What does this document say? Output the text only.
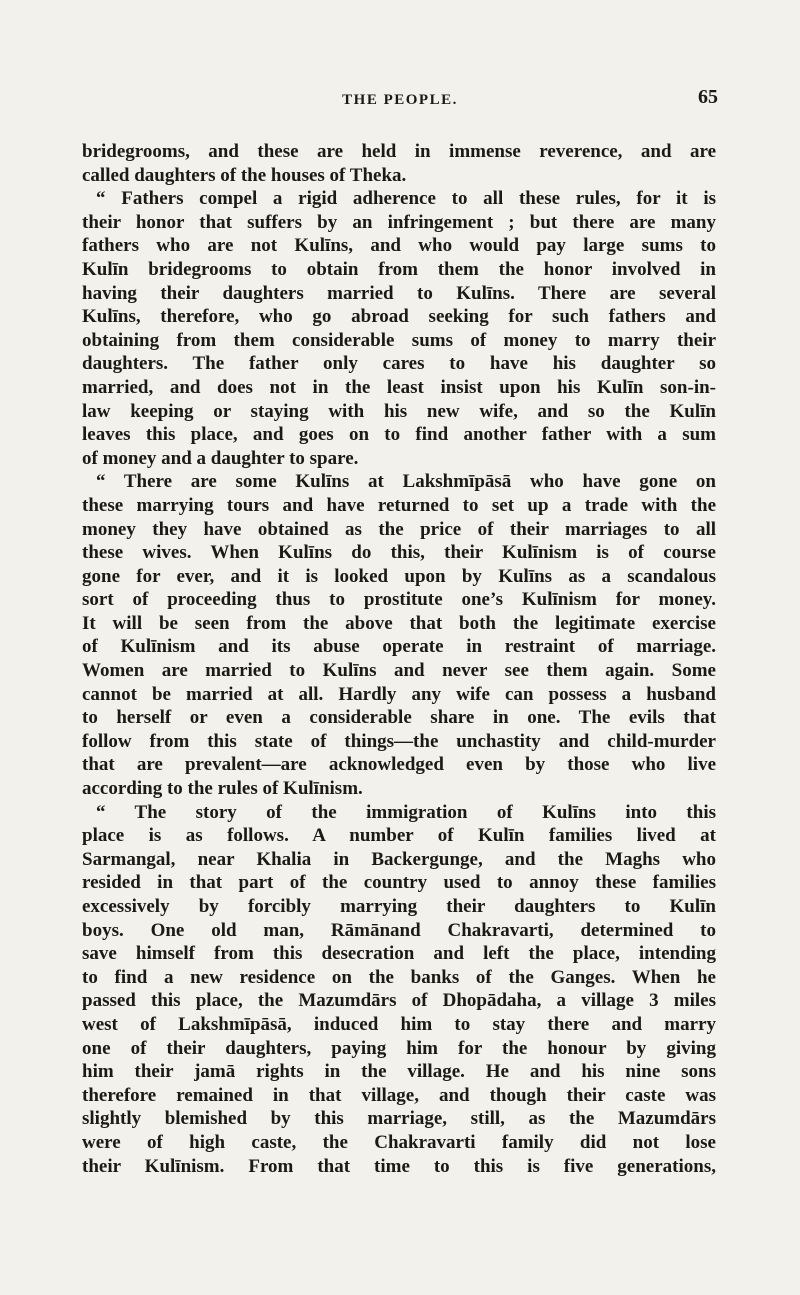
THE PEOPLE.	65
bridegrooms, and these are held in immense reverence, and are
called daughters of the houses of Theka.
“ Fathers compel a rigid adherence to all these rules, for it is
their honor that suffers by an infringement ; but there are many
fathers who are not Kulīns, and who would pay large sums to
Kulīn bridegrooms to obtain from them the honor involved in
having their daughters married to Kulīns. There are several
Kulīns, therefore, who go abroad seeking for such fathers and
obtaining from them considerable sums of money to marry their
daughters. The father only cares to have his daughter so
married, and does not in the least insist upon his Kulīn son-in-
law keeping or staying with his new wife, and so the Kulīn
leaves this place, and goes on to find another father with a sum
of money and a daughter to spare.
“ There are some Kulīns at Lakshmīpāsā who have gone on
these marrying tours and have returned to set up a trade with the
money they have obtained as the price of their marriages to all
these wives. When Kulīns do this, their Kulīnism is of course
gone for ever, and it is looked upon by Kulīns as a scandalous
sort of proceeding thus to prostitute one’s Kulīnism for money.
It will be seen from the above that both the legitimate exercise
of Kulīnism and its abuse operate in restraint of marriage.
Women are married to Kulīns and never see them again. Some
cannot be married at all. Hardly any wife can possess a husband
to herself or even a considerable share in one. The evils that
follow from this state of things—the unchastity and child-murder
that are prevalent—are acknowledged even by those who live
according to the rules of Kulīnism.
“ The story of the immigration of Kulīns into this
place is as follows. A number of Kulīn families lived at
Sarmangal, near Khalia in Backergunge, and the Maghs who
resided in that part of the country used to annoy these families
excessively by forcibly marrying their daughters to Kulīn
boys. One old man, Rāmānand Chakravarti, determined to
save himself from this desecration and left the place, intending
to find a new residence on the banks of the Ganges. When he
passed this place, the Mazumdārs of Dhopādaha, a village 3 miles
west of Lakshmīpāsā, induced him to stay there and marry
one of their daughters, paying him for the honour by giving
him their jamā rights in the village. He and his nine sons
therefore remained in that village, and though their caste was
slightly blemished by this marriage, still, as the Mazumdārs
were of high caste, the Chakravarti family did not lose
their Kulīnism. From that time to this is five generations,
